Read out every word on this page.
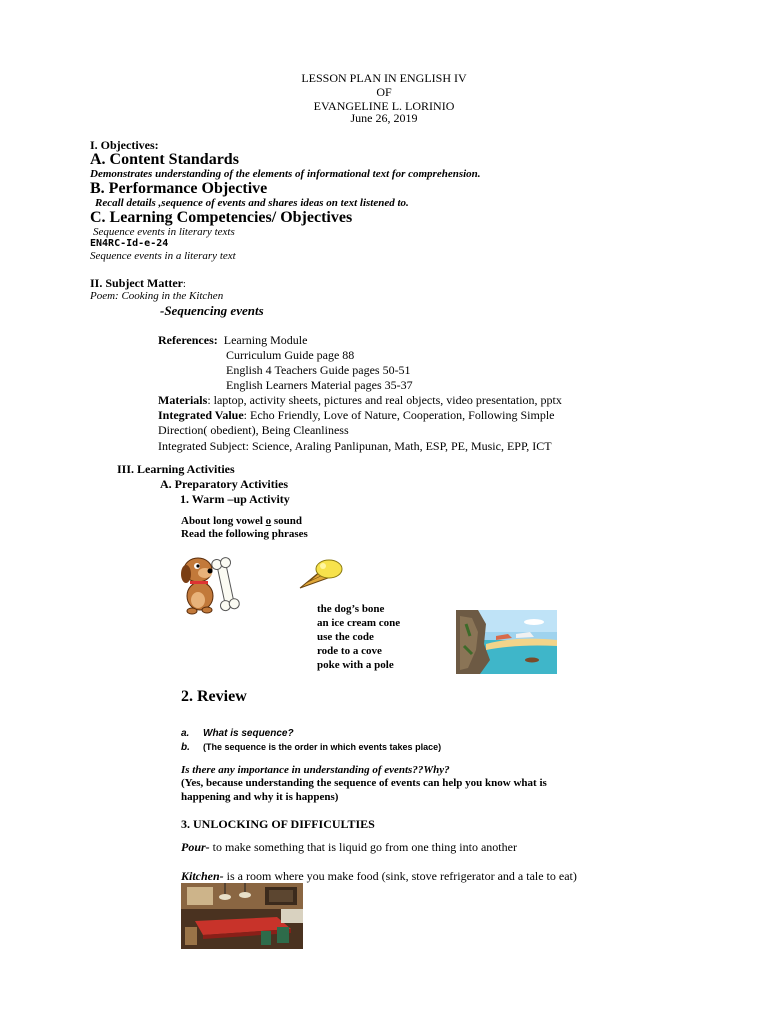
LESSON PLAN IN ENGLISH IV
OF
EVANGELINE L. LORINIO
June 26, 2019
I. Objectives:
A. Content Standards
Demonstrates understanding of the elements of informational text for comprehension.
B. Performance Objective
Recall details ,sequence of events and shares ideas on text listened to.
C. Learning Competencies/ Objectives
Sequence events in literary texts
EN4RC-Id-e-24
Sequence events in a literary text
II. Subject Matter:
Poem: Cooking in the Kitchen
-Sequencing events
References: Learning Module
Curriculum Guide page 88
English 4 Teachers Guide pages 50-51
English Learners Material pages 35-37
Materials: laptop, activity sheets, pictures and real objects, video presentation, pptx
Integrated Value: Echo Friendly, Love of Nature, Cooperation, Following Simple
Direction( obedient), Being Cleanliness
Integrated Subject: Science, Araling Panlipunan, Math, ESP, PE, Music, EPP, ICT
III. Learning Activities
A. Preparatory Activities
1. Warm –up Activity
About long vowel o sound
Read the following phrases
the dog’s bone
an ice cream cone
use the code
rode to a cove
poke with a pole
2. Review
a. What is sequence?
b. (The sequence is the order in which events takes place)
Is there any importance in understanding of events??Why?
(Yes, because understanding the sequence of events can help you know what is
happening and why it is happens)
3. UNLOCKING OF DIFFICULTIES
Pour- to make something that is liquid go from one thing into another
Kitchen- is a room where you make food (sink, stove refrigerator and a tale to eat)
